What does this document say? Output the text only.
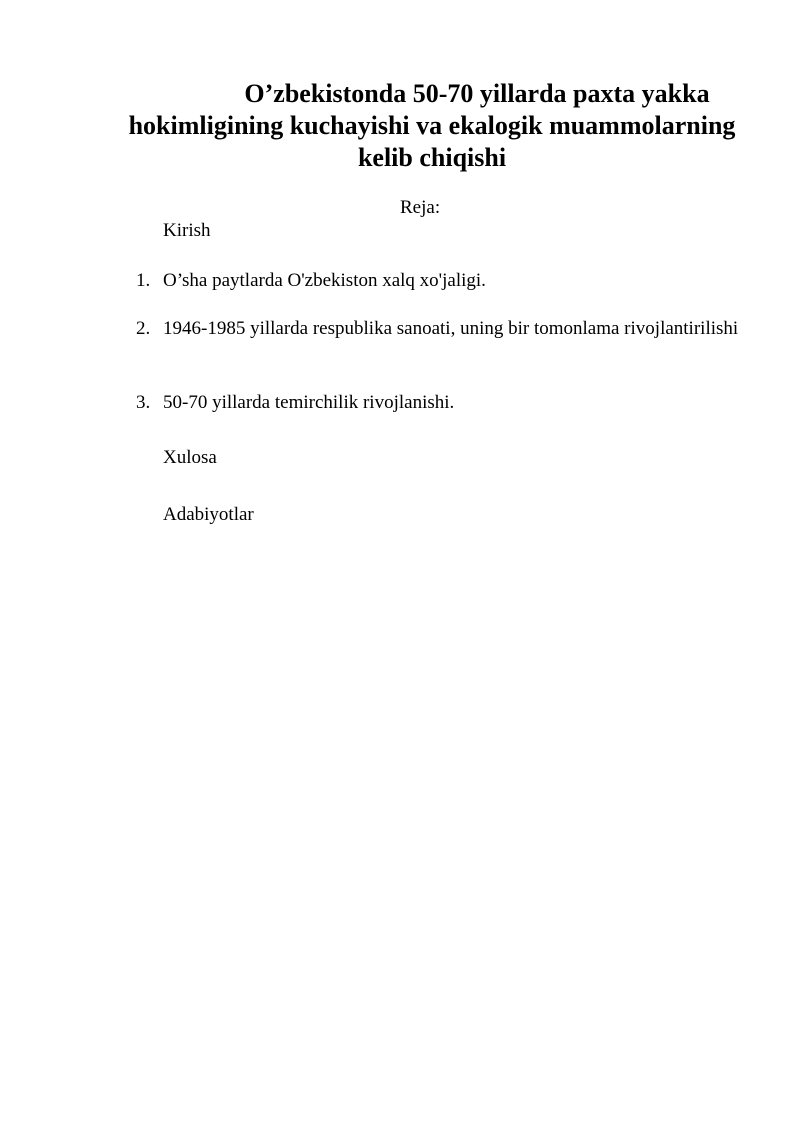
O’zbekistonda 50-70 yillarda paxta yakka
hokimligining kuchayishi va ekalogik muammolarning
kelib chiqishi
Reja:
Kirish
1. O’sha paytlarda O'zbekiston xalq xo'jaligi.
2. 1946-1985 yillarda respublika sanoati, uning bir tomonlama rivojlantirilishi
3. 50-70 yillarda temirchilik rivojlanishi.
Xulosa
Adabiyotlar
